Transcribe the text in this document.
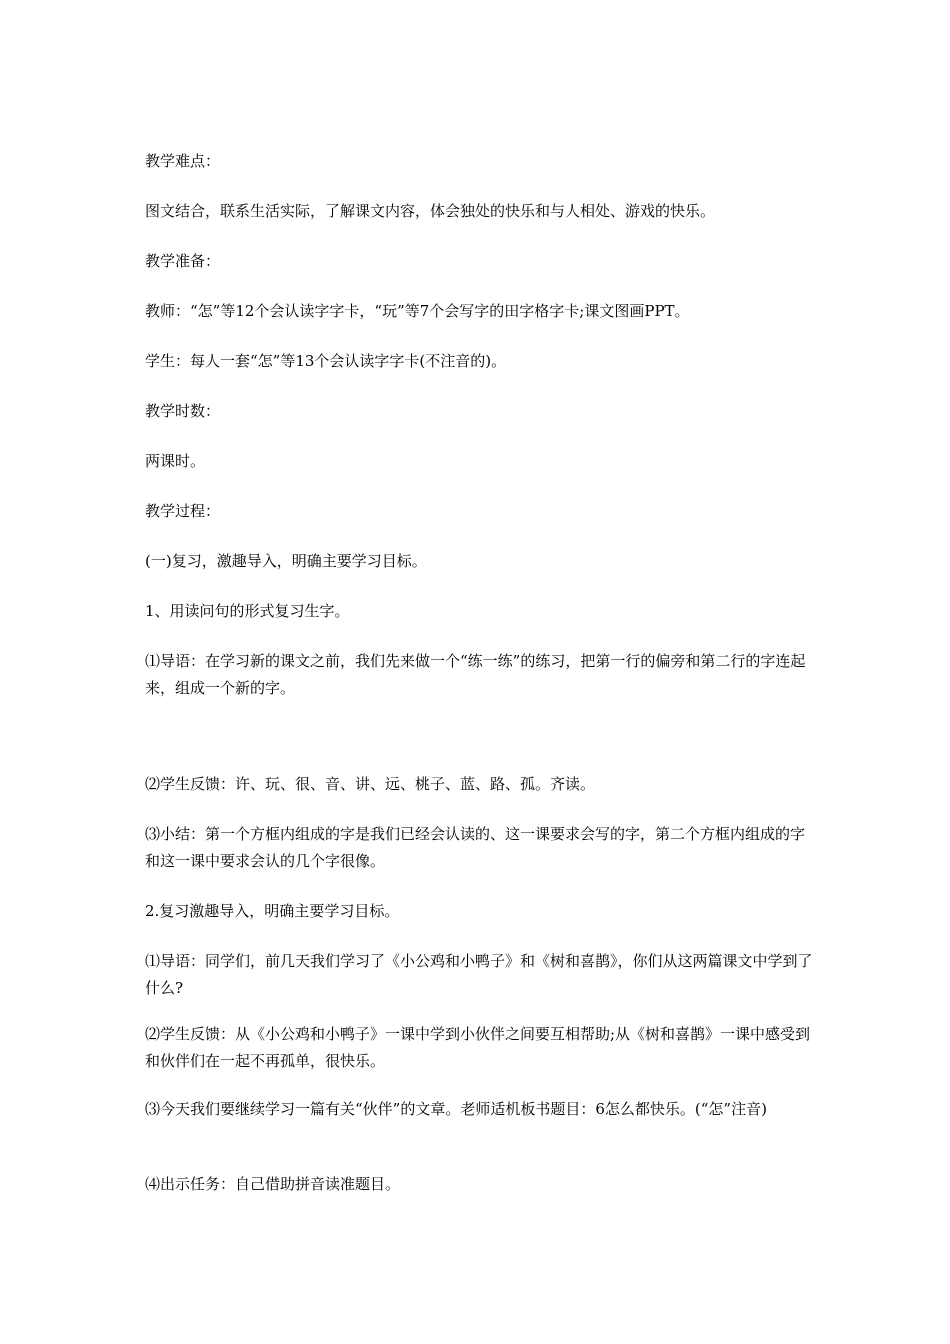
教学难点：

图文结合，联系生活实际，了解课文内容，体会独处的快乐和与人相处、游戏的快乐。

教学准备：

教师：“怎”等12个会认读字字卡，“玩”等7个会写字的田字格字卡;课文图画PPT。

学生：每人一套“怎”等13个会认读字字卡(不注音的)。

教学时数：

两课时。

教学过程：

(一)复习，激趣导入，明确主要学习目标。

1、用读问句的形式复习生字。

⑴导语：在学习新的课文之前，我们先来做一个“练一练”的练习，把第一行的偏旁和第二行的字连起来，组成一个新的字。

⑵学生反馈：许、玩、很、音、讲、远、桃子、蓝、路、孤。齐读。

⑶小结：第一个方框内组成的字是我们已经会认读的、这一课要求会写的字，第二个方框内组成的字和这一课中要求会认的几个字很像。

2.复习激趣导入，明确主要学习目标。

⑴导语：同学们，前几天我们学习了《小公鸡和小鸭子》和《树和喜鹊》，你们从这两篇课文中学到了什么?

⑵学生反馈：从《小公鸡和小鸭子》一课中学到小伙伴之间要互相帮助;从《树和喜鹊》一课中感受到和伙伴们在一起不再孤单，很快乐。

⑶今天我们要继续学习一篇有关“伙伴”的文章。老师适机板书题目：6怎么都快乐。(“怎”注音)

⑷出示任务：自己借助拼音读准题目。
